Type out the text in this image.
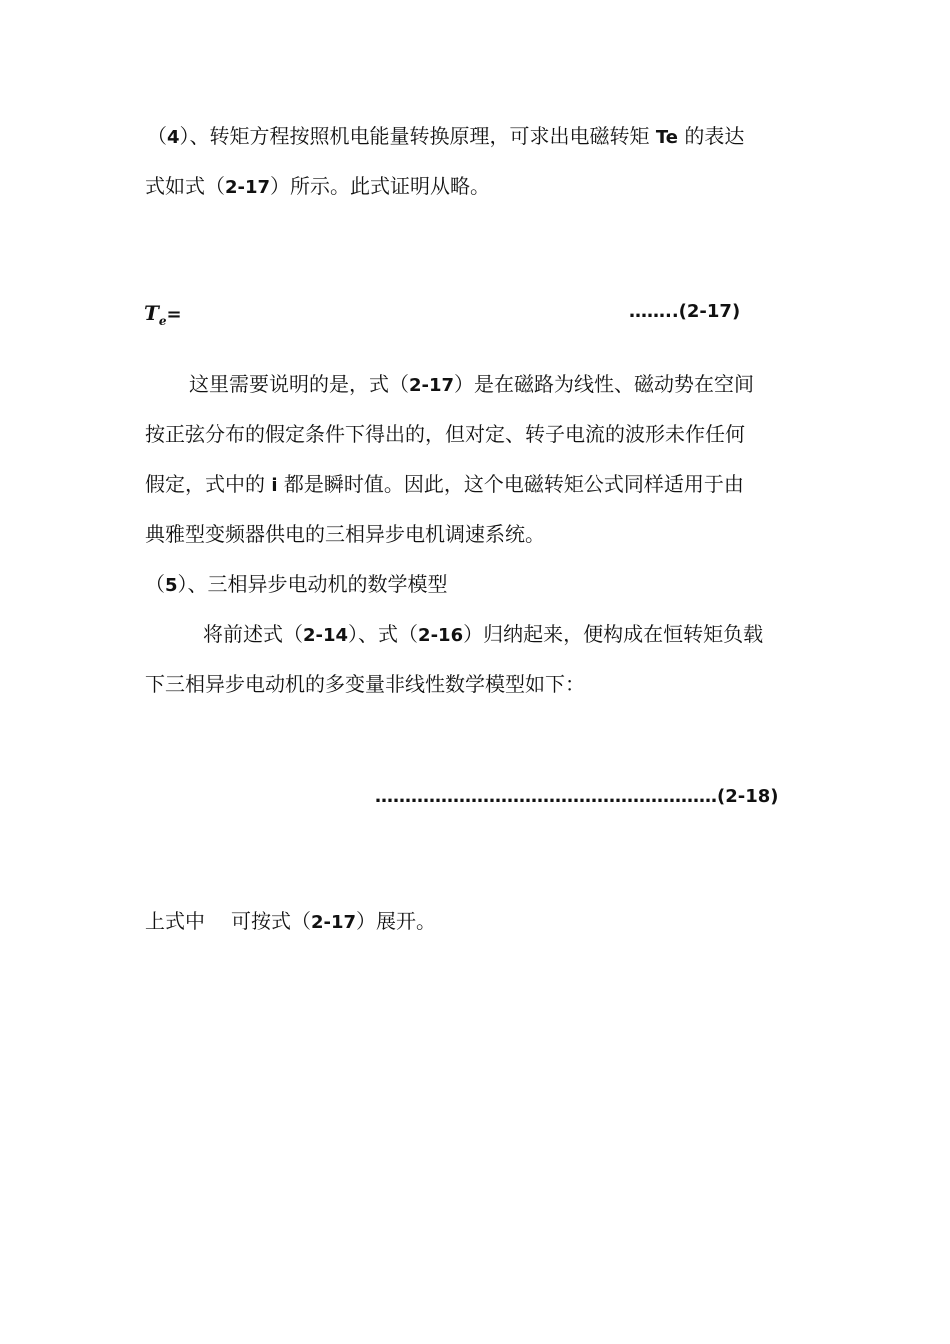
（4）、转矩方程按照机电能量转换原理，可求出电磁转矩 Te 的表达
式如式（2-17）所示。此式证明从略。
$T_e=$	……..(2-17)
这里需要说明的是，式（2-17）是在磁路为线性、磁动势在空间
按正弦分布的假定条件下得出的，但对定、转子电流的波形未作任何
假定，式中的 i 都是瞬时值。因此，这个电磁转矩公式同样适用于由
典雅型变频器供电的三相异步电机调速系统。
（5）、三相异步电动机的数学模型
将前述式（2-14）、式（2-16）归纳起来，便构成在恒转矩负载
下三相异步电动机的多变量非线性数学模型如下：
…………………………………………………(2-18)
上式中 可按式（2-17）展开。
